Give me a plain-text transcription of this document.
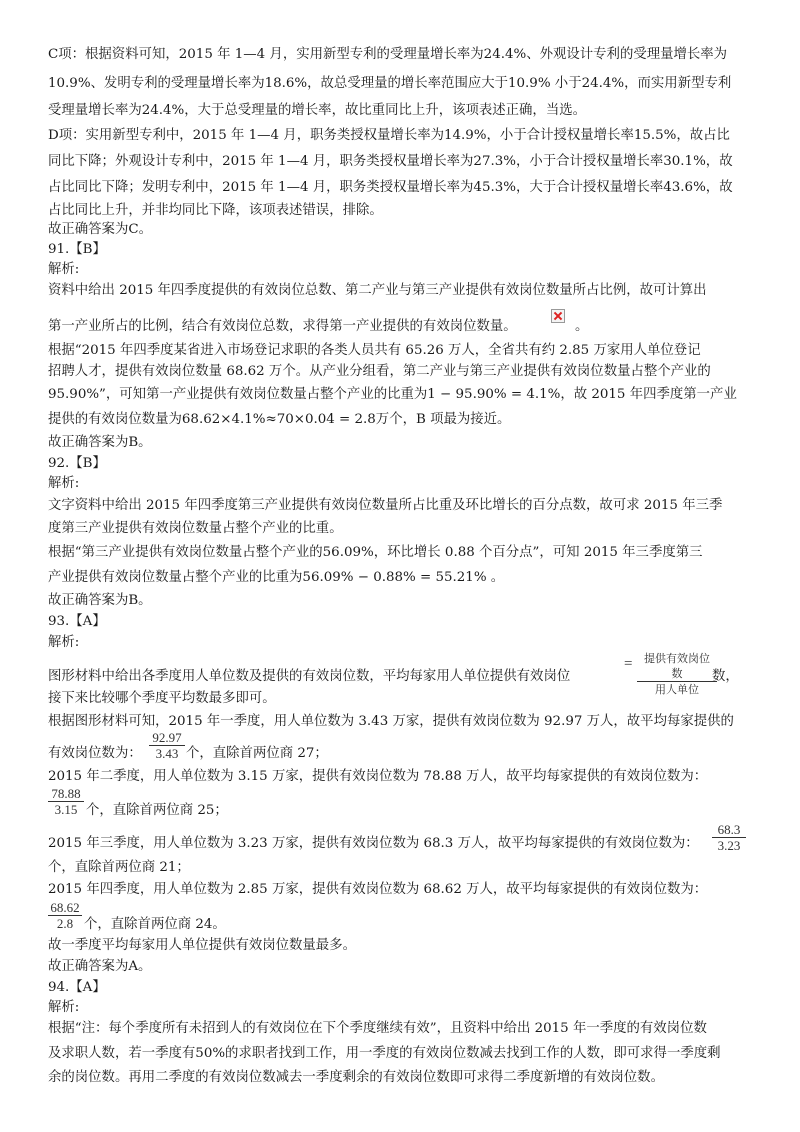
C项：根据资料可知，2015 年 1—4 月，实用新型专利的受理量增长率为24.4%、外观设计专利的受理量增长率为
10.9%、发明专利的受理量增长率为18.6%，故总受理量的增长率范围应大于10.9% 小于24.4%，而实用新型专利
受理量增长率为24.4%，大于总受理量的增长率，故比重同比上升，该项表述正确，当选。
D项：实用新型专利中，2015 年 1—4 月，职务类授权量增长率为14.9%，小于合计授权量增长率15.5%，故占比
同比下降；外观设计专利中，2015 年 1—4 月，职务类授权量增长率为27.3%，小于合计授权量增长率30.1%，故
占比同比下降；发明专利中，2015 年 1—4 月，职务类授权量增长率为45.3%，大于合计授权量增长率43.6%，故
占比同比上升，并非均同比下降，该项表述错误，排除。
故正确答案为C。
91.【B】
解析:
资料中给出 2015 年四季度提供的有效岗位总数、第二产业与第三产业提供有效岗位数量所占比例，故可计算出
第一产业所占的比例，结合有效岗位总数，求得第一产业提供的有效岗位数量。	。
根据“2015 年四季度某省进入市场登记求职的各类人员共有 65.26 万人，全省共有约 2.85 万家用人单位登记
招聘人才，提供有效岗位数量 68.62 万个。从产业分组看，第二产业与第三产业提供有效岗位数量占整个产业的
95.90%”，可知第一产业提供有效岗位数量占整个产业的比重为1 − 95.90% = 4.1%，故 2015 年四季度第一产业
提供的有效岗位数量为68.62×4.1%≈70×0.04 = 2.8万个，B 项最为接近。
故正确答案为B。
92.【B】
解析:
文字资料中给出 2015 年四季度第三产业提供有效岗位数量所占比重及环比增长的百分点数，故可求 2015 年三季
度第三产业提供有效岗位数量占整个产业的比重。
根据“第三产业提供有效岗位数量占整个产业的56.09%，环比增长 0.88 个百分点”，可知 2015 年三季度第三
产业提供有效岗位数量占整个产业的比重为56.09% − 0.88% = 55.21% 。
故正确答案为B。
93.【A】
解析:
图形材料中给出各季度用人单位数及提供的有效岗位数，平均每家用人单位提供有效岗位
=	提供有效岗位数
用人单位
数，
接下来比较哪个季度平均数最多即可。
根据图形材料可知，2015 年一季度，用人单位数为 3.43 万家，提供有效岗位数为 92.97 万人，故平均每家提供的
有效岗位数为： $\frac{92.97}{3.43}$ 个，直除首两位商 27；
2015 年二季度，用人单位数为 3.15 万家，提供有效岗位数为 78.88 万人，故平均每家提供的有效岗位数为：
$\frac{78.88}{3.15}$ 个，直除首两位商 25；
2015 年三季度，用人单位数为 3.23 万家，提供有效岗位数为 68.3 万人，故平均每家提供的有效岗位数为： $\frac{68.3}{3.23}$
个，直除首两位商 21；
2015 年四季度，用人单位数为 2.85 万家，提供有效岗位数为 68.62 万人，故平均每家提供的有效岗位数为：
$\frac{68.62}{2.8}$ 个，直除首两位商 24。
故一季度平均每家用人单位提供有效岗位数量最多。
故正确答案为A。
94.【A】
解析:
根据“注：每个季度所有未招到人的有效岗位在下个季度继续有效”，且资料中给出 2015 年一季度的有效岗位数
及求职人数，若一季度有50%的求职者找到工作，用一季度的有效岗位数减去找到工作的人数，即可求得一季度剩
余的岗位数。再用二季度的有效岗位数减去一季度剩余的有效岗位数即可求得二季度新增的有效岗位数。
